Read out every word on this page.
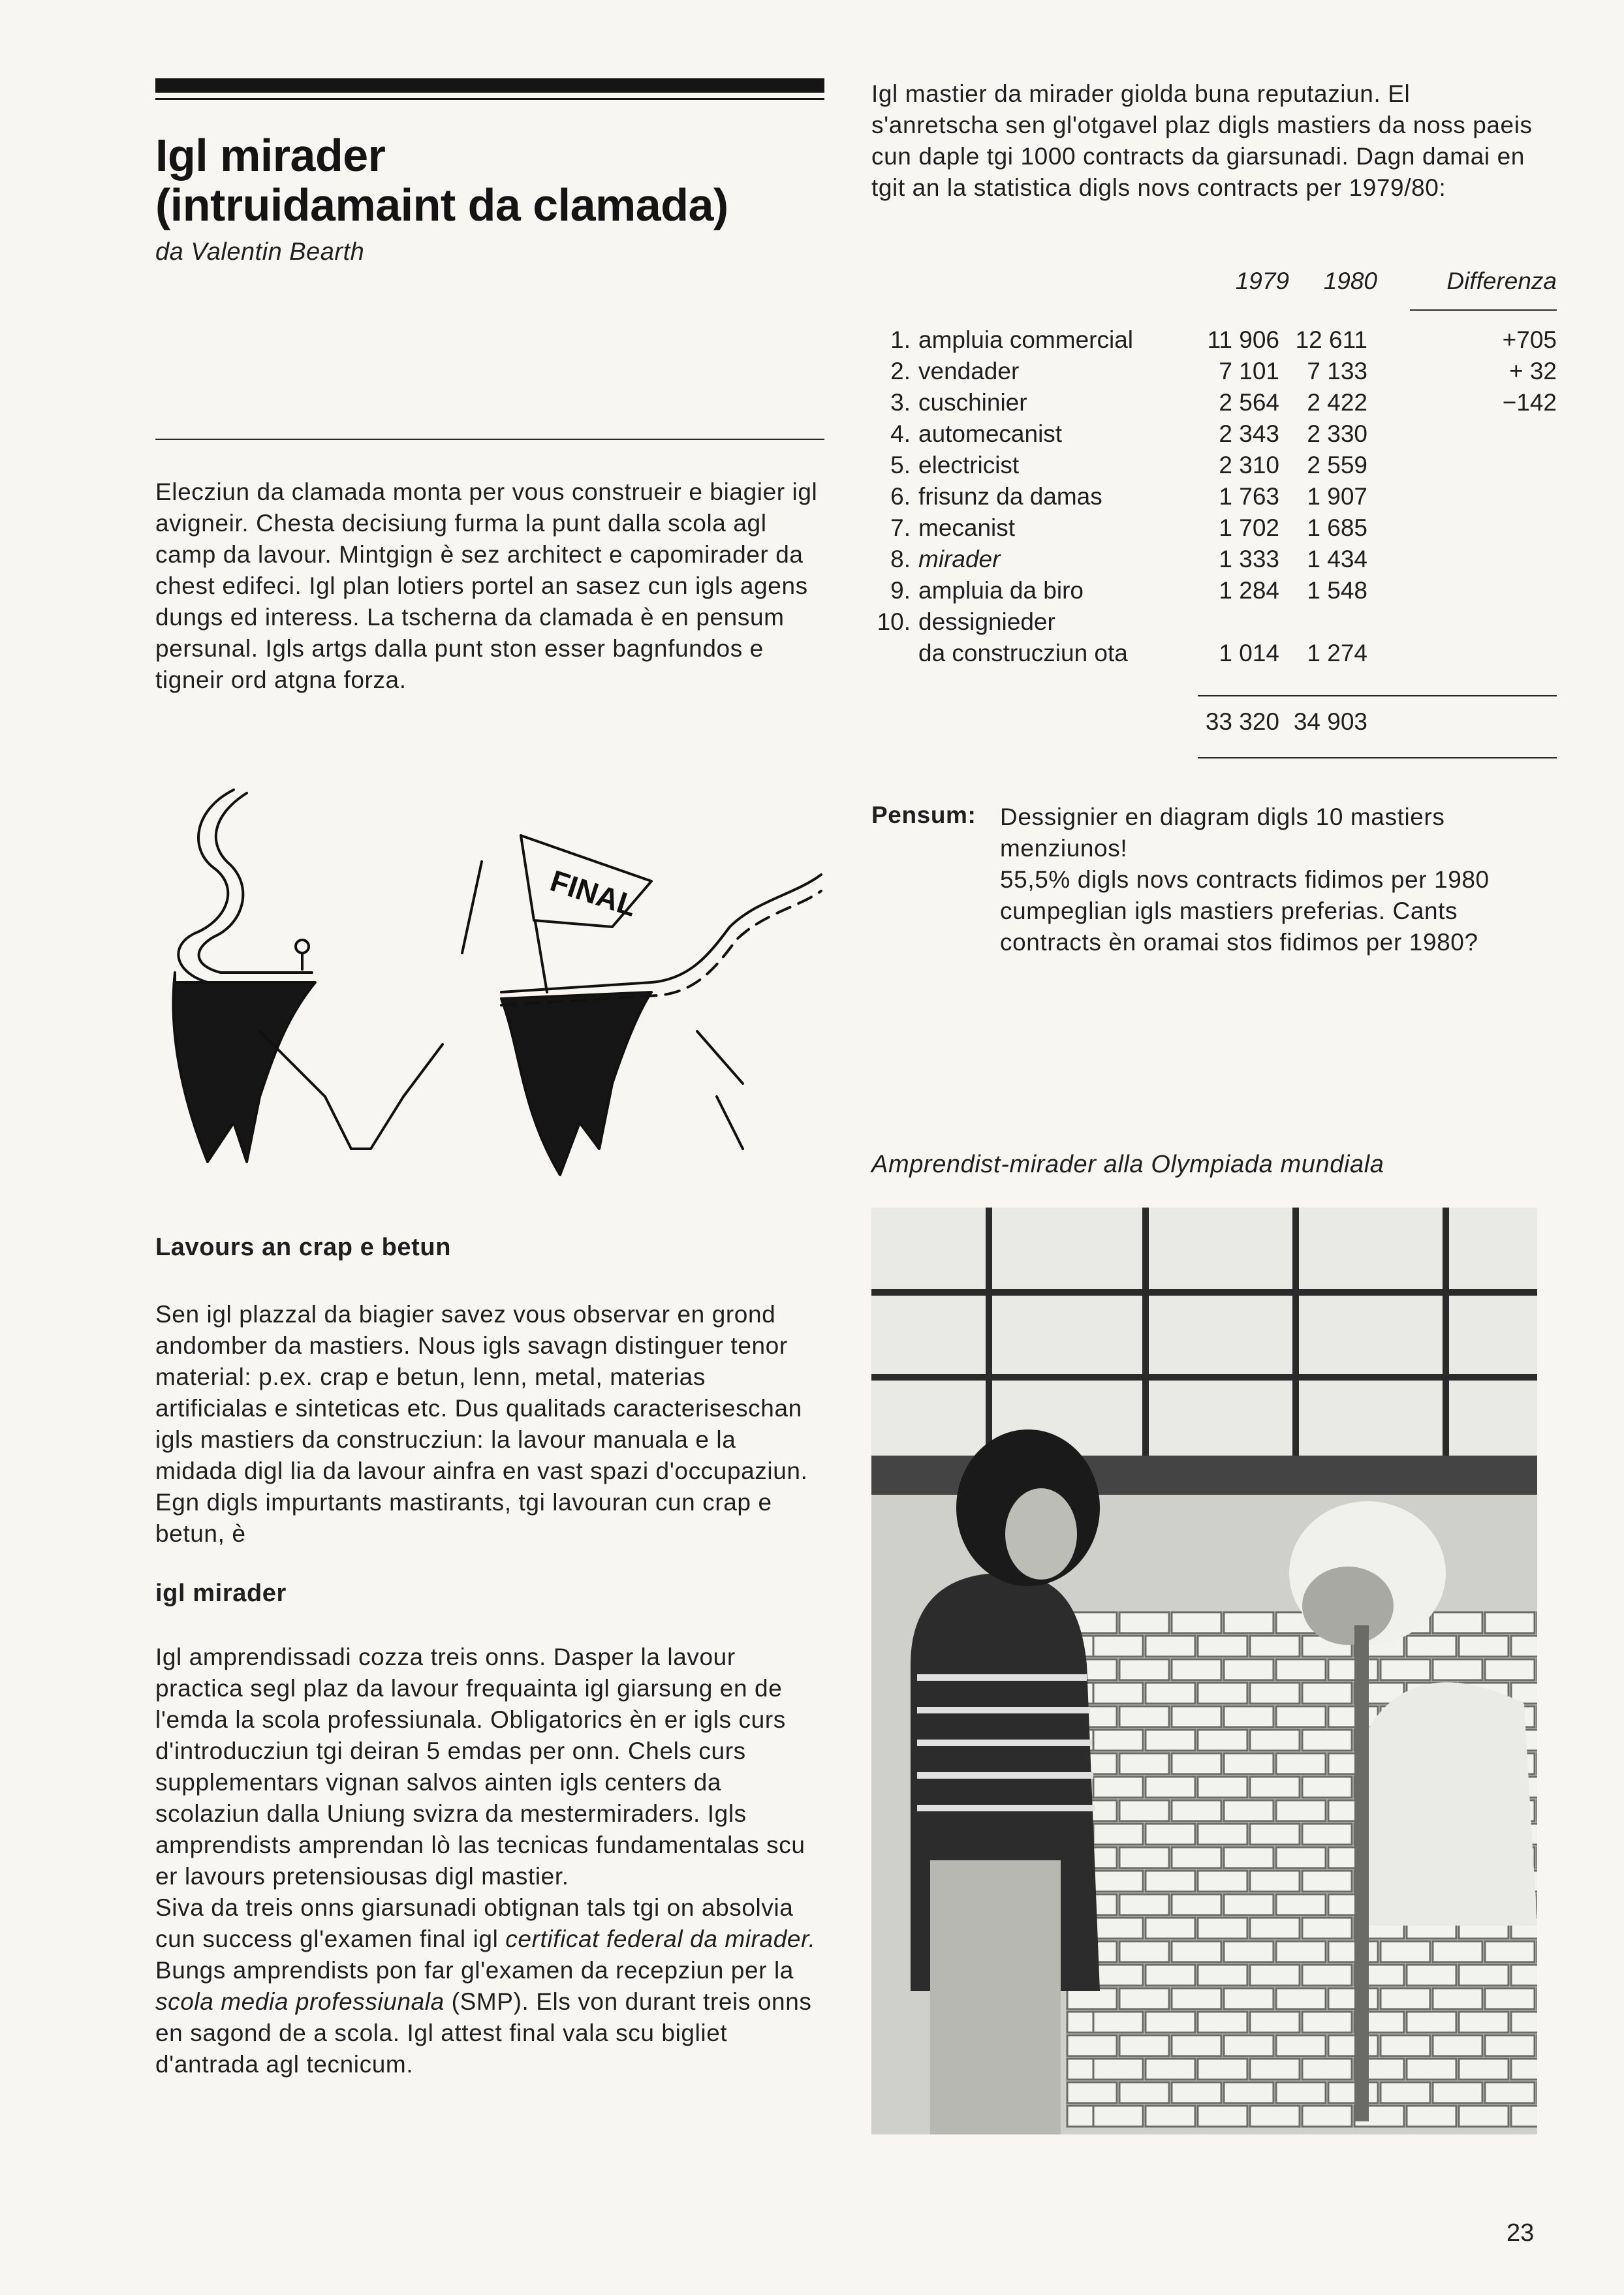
Igl mirader
(intruidamaint da clamada)
da Valentin Bearth

Elecziun da clamada monta per vous construeir e biagier igl avigneir. Chesta decisiung furma la punt dalla scola agl camp da lavour. Mintgign è sez architect e capomirader da chest edifeci. Igl plan lotiers portel an sasez cun igls agens dungs ed interess. La tscherna da clamada è en pensum persunal. Igls artgs dalla punt ston esser bagnfundos e tigneir ord atgna forza.

FINAL
Lavours an crap e betun

Sen igl plazzal da biagier savez vous observar en grond andomber da mastiers. Nous igls savagn distinguer tenor material: p.ex. crap e betun, lenn, metal, materias artificialas e sinteticas etc. Dus qualitads caracteriseschan igls mastiers da construcziun: la lavour manuala e la midada digl lia da lavour ainfra en vast spazi d'occupaziun. Egn digls impurtants mastirants, tgi lavouran cun crap e betun, è

igl mirader

Igl amprendissadi cozza treis onns. Dasper la lavour practica segl plaz da lavour frequainta igl giarsung en de l'emda la scola professiunala. Obligatorics èn er igls curs d'introducziun tgi deiran 5 emdas per onn. Chels curs supplementars vignan salvos ainten igls centers da scolaziun dalla Uniung svizra da mestermiraders. Igls amprendists amprendan lò las tecnicas fundamentalas scu er lavours pretensiousas digl mastier.

Siva da treis onns giarsunadi obtignan tals tgi on absolvia cun success gl'examen final igl certificat federal da mirader.

Bungs amprendists pon far gl'examen da recepziun per la scola media professiunala (SMP). Els von durant treis onns en sagond de a scola. Igl attest final vala scu bigliet d'antrada agl tecnicum.

Igl mastier da mirader giolda buna reputaziun. El s'anretscha sen gl'otgavel plaz digls mastiers da noss paeis cun daple tgi 1000 contracts da giarsunadi. Dagn damai en tgit an la statistica digls novs contracts per 1979/80:

1979 1980	Differenza
1. ampluia commercial	11 906 12 611	+705
2. vendader	7 101 7 133	+ 32
3. cuschinier	2 564 2 422	−142
4. automecanist	2 343 2 330
5. electricist	2 310 2 559
6. frisunz da damas	1 763 1 907
7. mecanist	1 702 1 685
8. mirader	1 333 1 434
9. ampluia da biro	1 284 1 548
10. dessignieder
da construcziun ota	1 014 1 274
33 320 34 903
Pensum: Dessignier en diagram digls 10 mastiers menziunos!

55,5% digls novs contracts fidimos per 1980 cumpeglian igls mastiers preferias. Cants contracts èn oramai stos fidimos per 1980?

Amprendist-mirader alla Olympiada mundiala
23
